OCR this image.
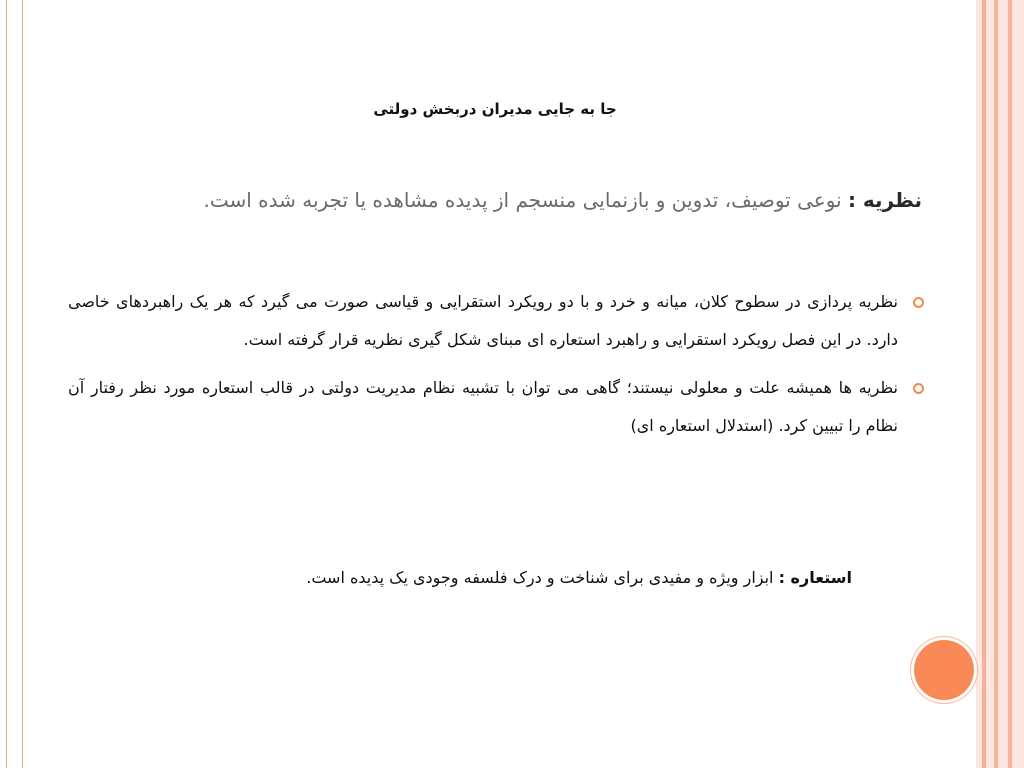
جا به جایی مدیران دربخش دولتی
نظریه : نوعی توصیف، تدوین و بازنمایی منسجم از پدیده مشاهده یا تجربه شده است.
نظریه پردازی در سطوح کلان، میانه و خرد و با دو رویکرد استقرایی و قیاسی صورت می گیرد که هر یک راهبردهای خاصی دارد. در این فصل رویکرد استقرایی و راهبرد استعاره ای مبنای شکل گیری نظریه قرار گرفته است.
نظریه ها همیشه علت و معلولی نیستند؛ گاهی می توان با تشبیه نظام مدیریت دولتی در قالب استعاره مورد نظر رفتار آن نظام را تبیین کرد. (استدلال استعاره ای)
استعاره : ابزار ویژه و مفیدی برای شناخت و درک فلسفه وجودی یک پدیده است.
